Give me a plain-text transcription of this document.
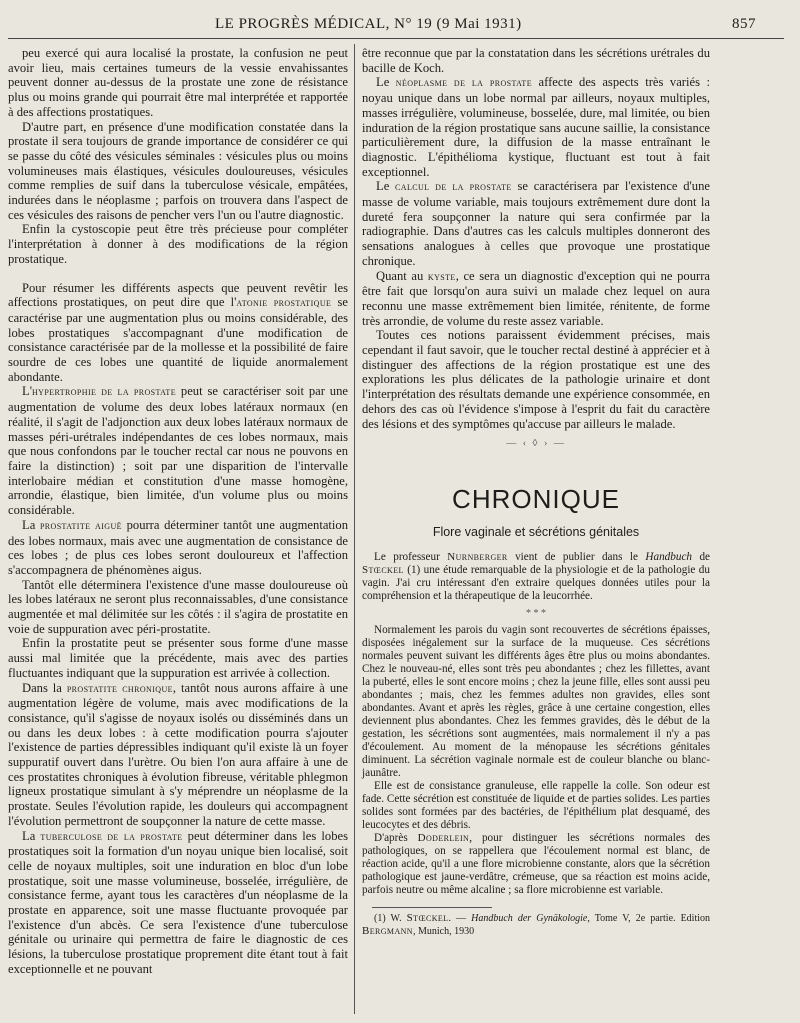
LE PROGRÈS MÉDICAL, N° 19 (9 Mai 1931)	857

peu exercé qui aura localisé la prostate, la confusion ne peut avoir lieu, mais certaines tumeurs de la vessie envahissantes peuvent donner au-dessus de la prostate une zone de résistance plus ou moins grande qui pourrait être mal interprétée et rapportée à des affections prostatiques.

D'autre part, en présence d'une modification constatée dans la prostate il sera toujours de grande importance de considérer ce qui se passe du côté des vésicules séminales : vésicules plus ou moins volumineuses mais élastiques, vésicules douloureuses, vésicules comme remplies de suif dans la tuberculose vésicale, empâtées, indurées dans le néoplasme ; parfois on trouvera dans l'aspect de ces vésicules des raisons de pencher vers l'un ou l'autre diagnostic.

Enfin la cystoscopie peut être très précieuse pour compléter l'interprétation à donner à des modifications de la région prostatique.

Pour résumer les différents aspects que peuvent revêtir les affections prostatiques, on peut dire que l'atonie prostatique se caractérise par une augmentation plus ou moins considérable, des lobes prostatiques s'accompagnant d'une modification de consistance caractérisée par de la mollesse et la possibilité de faire sourdre de ces lobes une quantité de liquide anormalement abondante.

L'hypertrophie de la prostate peut se caractériser soit par une augmentation de volume des deux lobes latéraux normaux (en réalité, il s'agit de l'adjonction aux deux lobes latéraux normaux de masses péri-urétrales indépendantes de ces lobes normaux, mais que nous confondons par le toucher rectal car nous ne pouvons en faire la distinction) ; soit par une disparition de l'intervalle interlobaire médian et constitution d'une masse homogène, arrondie, élastique, bien limitée, d'un volume plus ou moins considérable.

La prostatite aiguë pourra déterminer tantôt une augmentation des lobes normaux, mais avec une augmentation de consistance de ces lobes ; de plus ces lobes seront douloureux et l'affection s'accompagnera de phénomènes aigus.

Tantôt elle déterminera l'existence d'une masse douloureuse où les lobes latéraux ne seront plus reconnaissables, d'une consistance augmentée et mal délimitée sur les côtés : il s'agira de prostatite en voie de suppuration avec péri-prostatite.

Enfin la prostatite peut se présenter sous forme d'une masse aussi mal limitée que la précédente, mais avec des parties fluctuantes indiquant que la suppuration est arrivée à collection.

Dans la prostatite chronique, tantôt nous aurons affaire à une augmentation légère de volume, mais avec modifications de la consistance, qu'il s'agisse de noyaux isolés ou disséminés dans un ou dans les deux lobes : à cette modification pourra s'ajouter l'existence de parties dépressibles indiquant qu'il existe là un foyer suppuratif ouvert dans l'urètre. Ou bien l'on aura affaire à une de ces prostatites chroniques à évolution fibreuse, véritable phlegmon ligneux prostatique simulant à s'y méprendre un néoplasme de la prostate. Seules l'évolution rapide, les douleurs qui accompagnent l'évolution permettront de soupçonner la nature de cette masse.

La tuberculose de la prostate peut déterminer dans les lobes prostatiques soit la formation d'un noyau unique bien localisé, soit celle de noyaux multiples, soit une induration en bloc d'un lobe prostatique, soit une masse volumineuse, bosselée, irrégulière, de consistance ferme, ayant tous les caractères d'un néoplasme de la prostate en apparence, soit une masse fluctuante provoquée par l'existence d'un abcès. Ce sera l'existence d'une tuberculose génitale ou urinaire qui permettra de faire le diagnostic de ces lésions, la tuberculose prostatique proprement dite étant tout à fait exceptionnelle et ne pouvant

être reconnue que par la constatation dans les sécrétions urétrales du bacille de Koch.

Le néoplasme de la prostate affecte des aspects très variés : noyau unique dans un lobe normal par ailleurs, noyaux multiples, masses irrégulière, volumineuse, bosselée, dure, mal limitée, ou bien induration de la région prostatique sans aucune saillie, la consistance particulièrement dure, la diffusion de la masse entraînant le diagnostic. L'épithélioma kystique, fluctuant est tout à fait exceptionnel.

Le calcul de la prostate se caractérisera par l'existence d'une masse de volume variable, mais toujours extrêmement dure dont la dureté fera soupçonner la nature qui sera confirmée par la radiographie. Dans d'autres cas les calculs multiples donneront des sensations analogues à celles que provoque une prostatique chronique.

Quant au kyste, ce sera un diagnostic d'exception qui ne pourra être fait que lorsqu'on aura suivi un malade chez lequel on aura reconnu une masse extrêmement bien limitée, rénitente, de forme très arrondie, de volume du reste assez variable.

Toutes ces notions paraissent évidemment précises, mais cependant il faut savoir, que le toucher rectal destiné à apprécier et à distinguer des affections de la région prostatique est une des explorations les plus délicates de la pathologie urinaire et dont l'interprétation des résultats demande une expérience consommée, en dehors des cas où l'évidence s'impose à l'esprit du fait du caractère des lésions et des symptômes qu'accuse par ailleurs le malade.

— ‹ ◊ › —
CHRONIQUE
Flore vaginale et sécrétions génitales

Le professeur Nurnberger vient de publier dans le Handbuch de Stœckel (1) une étude remarquable de la physiologie et de la pathologie du vagin. J'ai cru intéressant d'en extraire quelques données utiles pour la compréhension et la thérapeutique de la leucorrhée.

* * *

Normalement les parois du vagin sont recouvertes de sécrétions épaisses, disposées inégalement sur la surface de la muqueuse. Ces sécrétions normales peuvent suivant les différents âges être plus ou moins abondantes. Chez le nouveau-né, elles sont très peu abondantes ; chez les fillettes, avant la puberté, elles le sont encore moins ; chez la jeune fille, elles sont aussi peu abondantes ; mais, chez les femmes adultes non gravides, elles sont abondantes. Avant et après les règles, grâce à une certaine congestion, elles deviennent plus abondantes. Chez les femmes gravides, dès le début de la gestation, les sécrétions sont augmentées, mais normalement il n'y a pas d'écoulement. Au moment de la ménopause les sécrétions génitales diminuent. La sécrétion vaginale normale est de couleur blanche ou blanc-jaunâtre.

Elle est de consistance granuleuse, elle rappelle la colle. Son odeur est fade. Cette sécrétion est constituée de liquide et de parties solides. Les parties solides sont formées par des bactéries, de l'épithélium plat desquamé, des leucocytes et des débris.

D'après Doderlein, pour distinguer les sécrétions normales des pathologiques, on se rappellera que l'écoulement normal est blanc, de réaction acide, qu'il a une flore microbienne constante, alors que la sécrétion pathologique est jaune-verdâtre, crémeuse, que sa réaction est moins acide, parfois neutre ou même alcaline ; sa flore microbienne est variable.

(1) W. Stœckel. — Handbuch der Gynäkologie, Tome V, 2e partie. Edition Bergmann, Munich, 1930
